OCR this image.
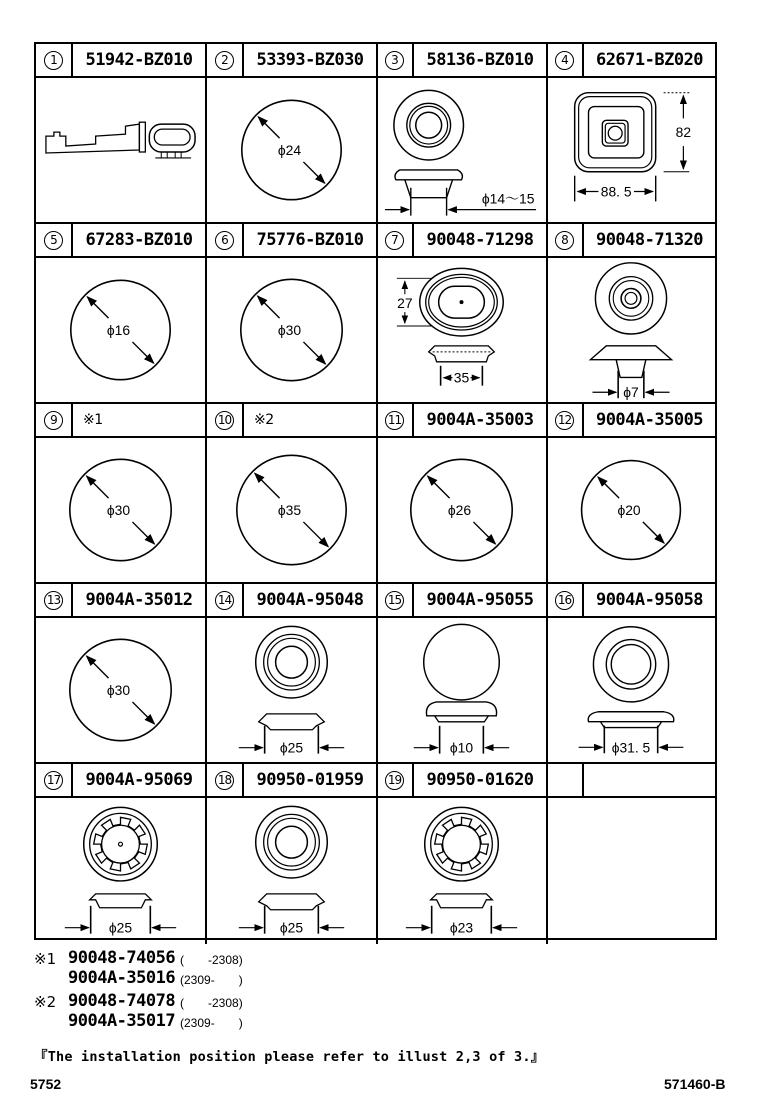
1	51942-BZ010	2	53393-BZ030
ϕ24
3	58136-BZ010
ϕ14～15
4	62671-BZ020
82
88. 5
5	67283-BZ010
ϕ16
6	75776-BZ010
ϕ30
7	90048-71298
27
35
8	90048-71320
ϕ7
9	※1
ϕ30
10	※2
ϕ35
11	9004A-35003
ϕ26
12	9004A-35005
ϕ20
13	9004A-35012
ϕ30
14	9004A-95048
ϕ25
15	9004A-95055
ϕ10
16	9004A-95058
ϕ31. 5
17	9004A-95069
ϕ25
18	90950-01959
ϕ25
19	90950-01620
ϕ23
※1 90048-74056 (　　-2308)
9004A-35016 (2309-　　)
※2 90048-74078 (　　-2308)
9004A-35017 (2309-　　)
『The installation position please refer to illust 2,3 of 3.』
5752	571460-B
